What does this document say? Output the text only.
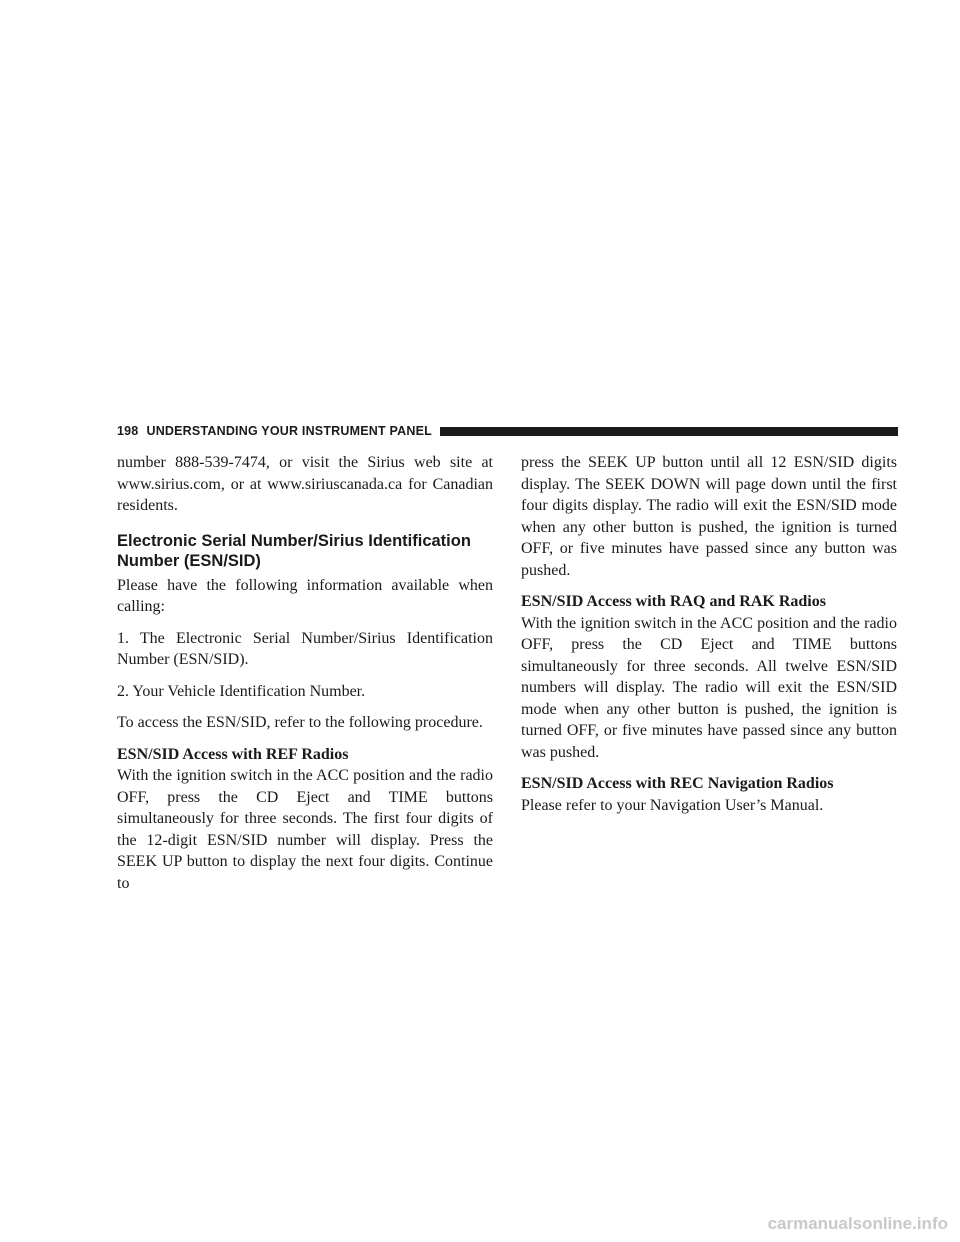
198 UNDERSTANDING YOUR INSTRUMENT PANEL

number 888-539-7474, or visit the Sirius web site at www.sirius.com, or at www.siriuscanada.ca for Canadian residents.

Electronic Serial Number/Sirius Identification Number (ESN/SID)

Please have the following information available when calling:

1. The Electronic Serial Number/Sirius Identification Number (ESN/SID).

2. Your Vehicle Identification Number.

To access the ESN/SID, refer to the following procedure.

ESN/SID Access with REF Radios

With the ignition switch in the ACC position and the radio OFF, press the CD Eject and TIME buttons simultaneously for three seconds. The first four digits of the 12-digit ESN/SID number will display. Press the SEEK UP button to display the next four digits. Continue to

press the SEEK UP button until all 12 ESN/SID digits display. The SEEK DOWN will page down until the first four digits display. The radio will exit the ESN/SID mode when any other button is pushed, the ignition is turned OFF, or five minutes have passed since any button was pushed.

ESN/SID Access with RAQ and RAK Radios

With the ignition switch in the ACC position and the radio OFF, press the CD Eject and TIME buttons simultaneously for three seconds. All twelve ESN/SID numbers will display. The radio will exit the ESN/SID mode when any other button is pushed, the ignition is turned OFF, or five minutes have passed since any button was pushed.

ESN/SID Access with REC Navigation Radios

Please refer to your Navigation User’s Manual.

carmanualsonline.info
